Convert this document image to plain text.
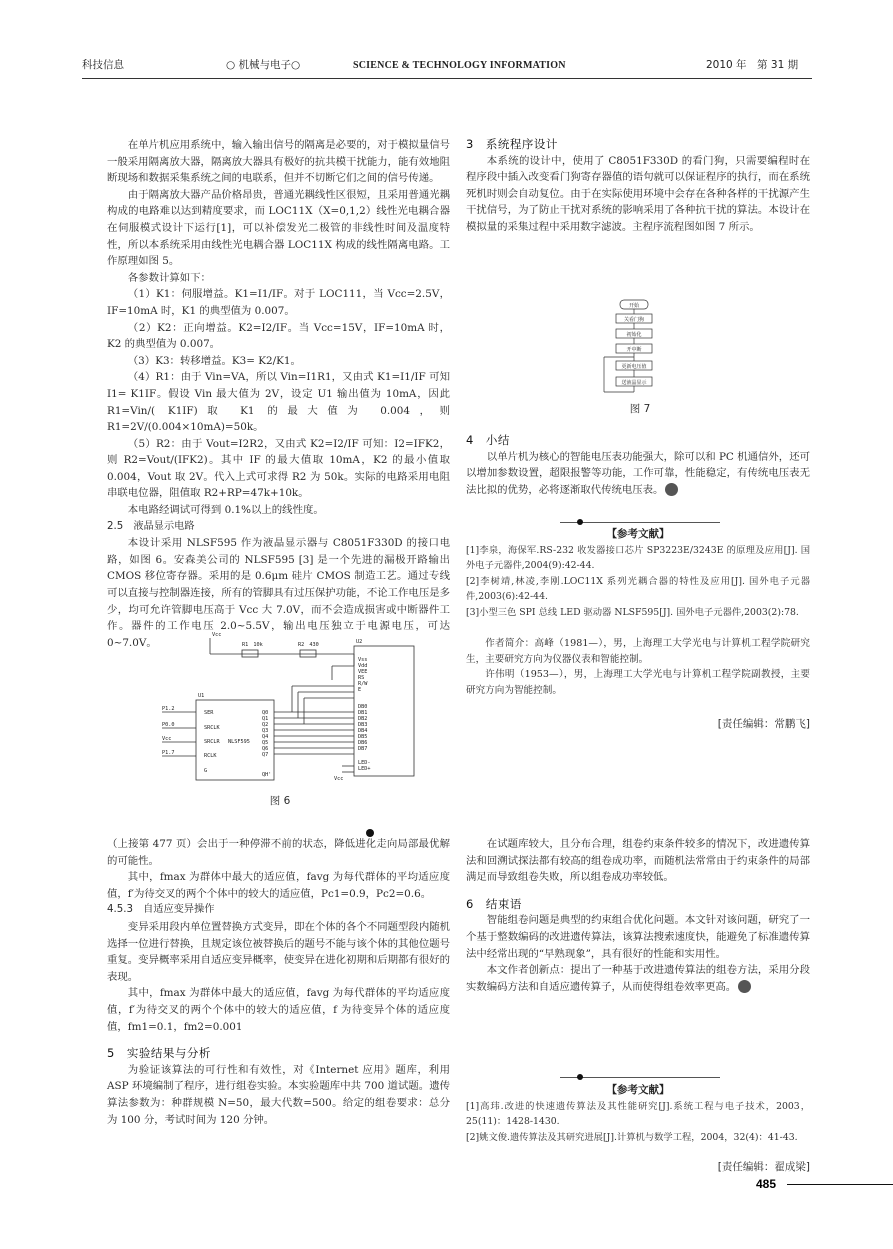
科技信息	○ 机械与电子○	SCIENCE & TECHNOLOGY INFORMATION	2010 年　第 31 期

在单片机应用系统中，输入输出信号的隔离是必要的，对于模拟量信号一般采用隔离放大器，隔离放大器具有极好的抗共模干扰能力，能有效地阻断现场和数据采集系统之间的电联系，但并不切断它们之间的信号传递。

由于隔离放大器产品价格昂贵，普通光耦线性区很短，且采用普通光耦构成的电路难以达到精度要求，而 LOC11X（X=0,1,2）线性光电耦合器在伺服模式设计下运行[1]，可以补偿发光二极管的非线性时间及温度特性，所以本系统采用由线性光电耦合器 LOC11X 构成的线性隔离电路。工作原理如图 5。

各参数计算如下：

（1）K1：伺服增益。K1=I1/IF。对于 LOC111，当 Vcc=2.5V，IF=10mA 时，K1 的典型值为 0.007。

（2）K2：正向增益。K2=I2/IF。当 Vcc=15V，IF=10mA 时，K2 的典型值为 0.007。

（3）K3：转移增益。K3= K2/K1。

（4）R1：由于 Vin=VA，所以 Vin=I1R1，又由式 K1=I1/IF 可知 I1= K1IF。假设 Vin 最大值为 2V，设定 U1 输出值为 10mA，因此 R1=Vin/( K1IF)取 K1 的最大值为 0.004，则 R1=2V/(0.004×10mA)=50k。

（5）R2：由于 Vout=I2R2，又由式 K2=I2/IF 可知：I2=IFK2，则 R2=Vout/(IFK2)。其中 IF 的最大值取 10mA，K2 的最小值取 0.004，Vout 取 2V。代入上式可求得 R2 为 50k。实际的电路采用电阻串联电位器，阻值取 R2+RP=47k+10k。

本电路经调试可得到 0.1%以上的线性度。

2.5　液晶显示电路

本设计采用 NLSF595 作为液晶显示器与 C8051F330D 的接口电路，如图 6。安森美公司的 NLSF595 [3] 是一个先进的漏极开路输出 CMOS 移位寄存器。采用的是 0.6μm 硅片 CMOS 制造工艺。通过专线可以直接与控制器连接，所有的管脚具有过压保护功能，不论工作电压是多少，均可允许管脚电压高于 Vcc 大 7.0V，而不会造成损害或中断器件工作。器件的工作电压 2.0~5.5V，输出电压独立于电源电压，可达 0~7.0V。

Vcc
R1　10k	R2　430	U2
U1
NLSF595
SER
SRCLK
SRCLR
RCLK
G
Q0
Q1
Q2
Q3
Q4
Q5
Q6
Q7
QH'
P1.2
P0.0
Vcc
P1.7
Vss
Vdd
VEE
RS
R/W
E
DB0
DB1
DB2
DB3
DB4
DB5
DB6
DB7
LED-
LED+
Vcc
图 6

3　系统程序设计

本系统的设计中，使用了 C8051F330D 的看门狗，只需要编程时在程序段中插入改变看门狗寄存器值的语句就可以保证程序的执行，而在系统死机时则会自动复位。由于在实际使用环境中会存在各种各样的干扰源产生干扰信号，为了防止干扰对系统的影响采用了各种抗干扰的算法。本设计在模拟量的采集过程中采用数字滤波。主程序流程图如图 7 所示。

开始
关看门狗
初始化
开中断
更新电压值
送液晶显示
图 7

4　小结

以单片机为核心的智能电压表功能强大，除可以和 PC 机通信外，还可以增加参数设置，超限报警等功能，工作可靠，性能稳定，有传统电压表无法比拟的优势，必将逐渐取代传统电压表。

【参考文献】

[1]李泉，海保军.RS-232 收发器接口芯片 SP3223E/3243E 的原理及应用[J]. 国外电子元器件,2004(9):42-44.

[2]李树靖,林凌,李刚.LOC11X 系列光耦合器的特性及应用[J]. 国外电子元器件,2003(6):42-44.

[3]小型三色 SPI 总线 LED 驱动器 NLSF595[J]. 国外电子元器件,2003(2):78.

作者简介：高峰（1981—），男，上海理工大学光电与计算机工程学院研究生，主要研究方向为仪器仪表和智能控制。

许伟明（1953—），男，上海理工大学光电与计算机工程学院副教授，主要研究方向为智能控制。

[责任编辑：常鹏飞]

（上接第 477 页）会出于一种停滞不前的状态，降低进化走向局部最优解的可能性。

其中，fmax 为群体中最大的适应值，favg 为每代群体的平均适应度值，f′为待交叉的两个个体中的较大的适应值，Pc1=0.9，Pc2=0.6。

4.5.3　自适应变异操作

变异采用段内单位置替换方式变异，即在个体的各个不同题型段内随机选择一位进行替换，且规定该位被替换后的题号不能与该个体的其他位题号重复。变异概率采用自适应变异概率，使变异在进化初期和后期都有很好的表现。

其中，fmax 为群体中最大的适应值，favg 为每代群体的平均适应度值，f′为待交叉的两个个体中的较大的适应值，f 为待变异个体的适应度值，fm1=0.1，fm2=0.001

5　实验结果与分析

为验证该算法的可行性和有效性，对《Internet 应用》题库，利用 ASP 环境编制了程序，进行组卷实验。本实验题库中共 700 道试题。遗传算法参数为：种群规模 N=50，最大代数=500。给定的组卷要求：总分为 100 分，考试时间为 120 分钟。

在试题库较大，且分布合理，组卷约束条件较多的情况下，改进遗传算法和回溯试探法都有较高的组卷成功率，而随机法常常由于约束条件的局部满足而导致组卷失败，所以组卷成功率较低。

6　结束语

智能组卷问题是典型的约束组合优化问题。本文针对该问题，研究了一个基于整数编码的改进遗传算法，该算法搜索速度快，能避免了标准遗传算法中经常出现的“早熟现象”，具有很好的性能和实用性。

本文作者创新点：提出了一种基于改进遗传算法的组卷方法，采用分段实数编码方法和自适应遗传算子，从而使得组卷效率更高。

【参考文献】

[1]高玮.改进的快速遗传算法及其性能研究[J].系统工程与电子技术，2003，25(11)：1428-1430.

[2]姚文俊.遗传算法及其研究进展[J].计算机与数学工程，2004，32(4)：41-43.

[责任编辑：翟成梁]

485
